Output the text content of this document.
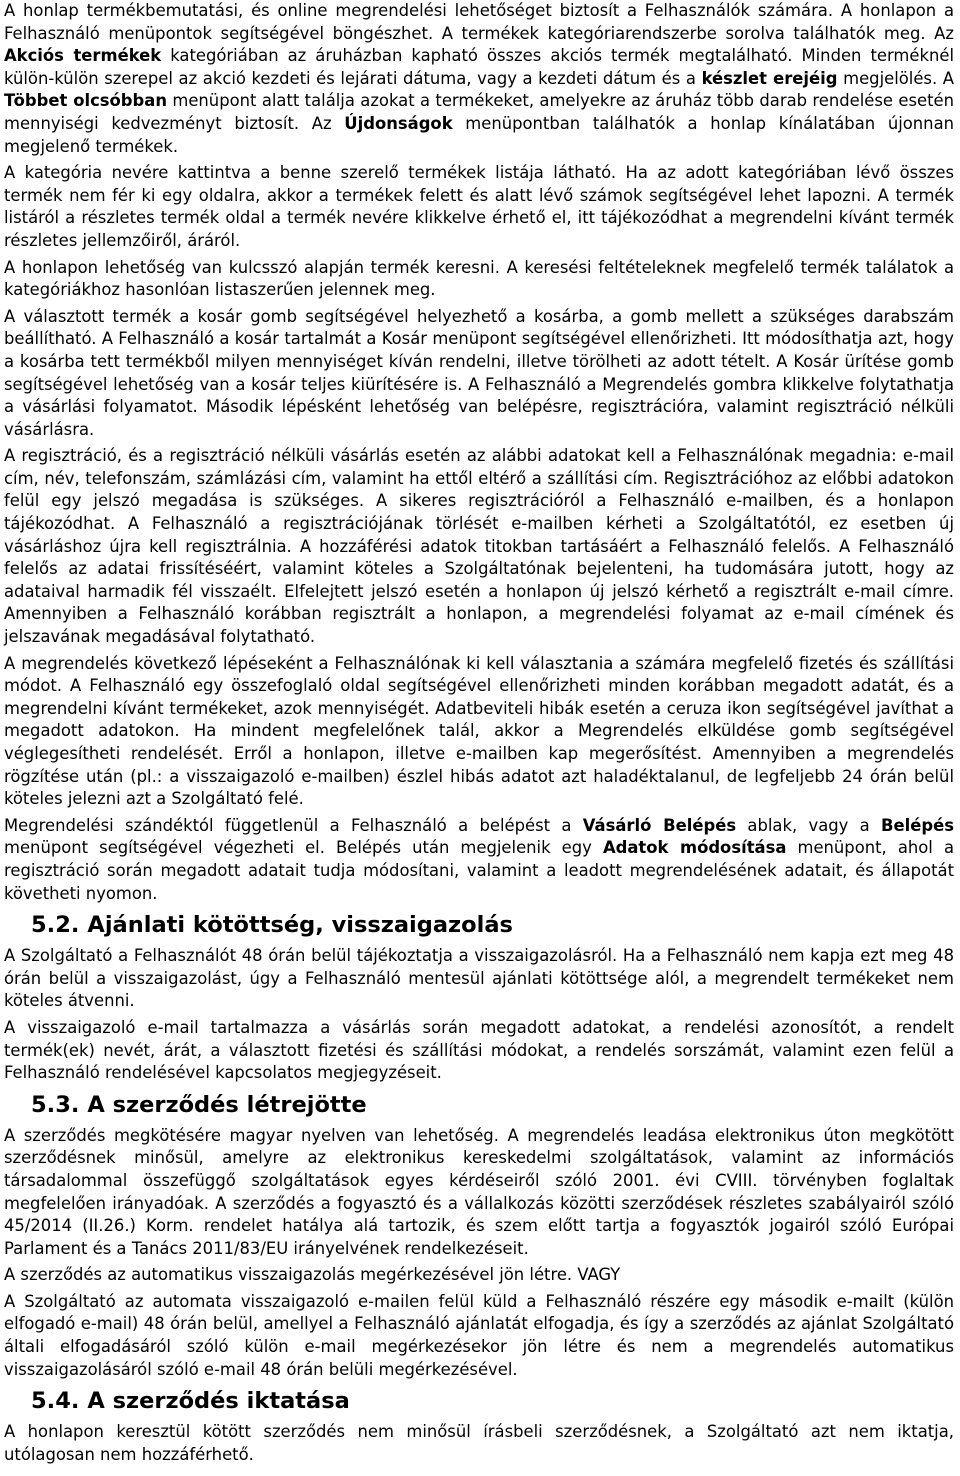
A honlap termékbemutatási, és online megrendelési lehetőséget biztosít a Felhasználók számára. A honlapon a Felhasználó menüpontok segítségével böngészhet. A termékek kategóriarendszerbe sorolva találhatók meg. Az Akciós termékek kategóriában az áruházban kapható összes akciós termék megtalálható. Minden terméknél külön-külön szerepel az akció kezdeti és lejárati dátuma, vagy a kezdeti dátum és a készlet erejéig megjelölés. A Többet olcsóbban menüpont alatt találja azokat a termékeket, amelyekre az áruház több darab rendelése esetén mennyiségi kedvezményt biztosít. Az Újdonságok menüpontban találhatók a honlap kínálatában újonnan megjelenő termékek.

A kategória nevére kattintva a benne szerelő termékek listája látható. Ha az adott kategóriában lévő összes termék nem fér ki egy oldalra, akkor a termékek felett és alatt lévő számok segítségével lehet lapozni. A termék listáról a részletes termék oldal a termék nevére klikkelve érhető el, itt tájékozódhat a megrendelni kívánt termék részletes jellemzőiről, áráról.

A honlapon lehetőség van kulcsszó alapján termék keresni. A keresési feltételeknek megfelelő termék találatok a kategóriákhoz hasonlóan listaszerűen jelennek meg.

A választott termék a kosár gomb segítségével helyezhető a kosárba, a gomb mellett a szükséges darabszám beállítható. A Felhasználó a kosár tartalmát a Kosár menüpont segítségével ellenőrizheti. Itt módosíthatja azt, hogy a kosárba tett termékből milyen mennyiséget kíván rendelni, illetve törölheti az adott tételt. A Kosár ürítése gomb segítségével lehetőség van a kosár teljes kiürítésére is. A Felhasználó a Megrendelés gombra klikkelve folytathatja a vásárlási folyamatot. Második lépésként lehetőség van belépésre, regisztrációra, valamint regisztráció nélküli vásárlásra.

A regisztráció, és a regisztráció nélküli vásárlás esetén az alábbi adatokat kell a Felhasználónak megadnia: e-mail cím, név, telefonszám, számlázási cím, valamint ha ettől eltérő a szállítási cím. Regisztrációhoz az előbbi adatokon felül egy jelszó megadása is szükséges. A sikeres regisztrációról a Felhasználó e-mailben, és a honlapon tájékozódhat. A Felhasználó a regisztrációjának törlését e-mailben kérheti a Szolgáltatótól, ez esetben új vásárláshoz újra kell regisztrálnia. A hozzáférési adatok titokban tartásáért a Felhasználó felelős. A Felhasználó felelős az adatai frissítéséért, valamint köteles a Szolgáltatónak bejelenteni, ha tudomására jutott, hogy az adataival harmadik fél visszaélt. Elfelejtett jelszó esetén a honlapon új jelszó kérhető a regisztrált e-mail címre. Amennyiben a Felhasználó korábban regisztrált a honlapon, a megrendelési folyamat az e-mail címének és jelszavának megadásával folytatható.

A megrendelés következő lépéseként a Felhasználónak ki kell választania a számára megfelelő fizetés és szállítási módot. A Felhasználó egy összefoglaló oldal segítségével ellenőrizheti minden korábban megadott adatát, és a megrendelni kívánt termékeket, azok mennyiségét. Adatbeviteli hibák esetén a ceruza ikon segítségével javíthat a megadott adatokon. Ha mindent megfelelőnek talál, akkor a Megrendelés elküldése gomb segítségével véglegesítheti rendelését. Erről a honlapon, illetve e-mailben kap megerősítést. Amennyiben a megrendelés rögzítése után (pl.: a visszaigazoló e-mailben) észlel hibás adatot azt haladéktalanul, de legfeljebb 24 órán belül köteles jelezni azt a Szolgáltató felé.

Megrendelési szándéktól függetlenül a Felhasználó a belépést a Vásárló Belépés ablak, vagy a Belépés menüpont segítségével végezheti el. Belépés után megjelenik egy Adatok módosítása menüpont, ahol a regisztráció során megadott adatait tudja módosítani, valamint a leadott megrendelésének adatait, és állapotát követheti nyomon.

5.2. Ajánlati kötöttség, visszaigazolás

A Szolgáltató a Felhasználót 48 órán belül tájékoztatja a visszaigazolásról. Ha a Felhasználó nem kapja ezt meg 48 órán belül a visszaigazolást, úgy a Felhasználó mentesül ajánlati kötöttsége alól, a megrendelt termékeket nem köteles átvenni.

A visszaigazoló e-mail tartalmazza a vásárlás során megadott adatokat, a rendelési azonosítót, a rendelt termék(ek) nevét, árát, a választott fizetési és szállítási módokat, a rendelés sorszámát, valamint ezen felül a Felhasználó rendelésével kapcsolatos megjegyzéseit.

5.3. A szerződés létrejötte

A szerződés megkötésére magyar nyelven van lehetőség. A megrendelés leadása elektronikus úton megkötött szerződésnek minősül, amelyre az elektronikus kereskedelmi szolgáltatások, valamint az információs társadalommal összefüggő szolgáltatások egyes kérdéseiről szóló 2001. évi CVIII. törvényben foglaltak megfelelően irányadóak. A szerződés a fogyasztó és a vállalkozás közötti szerződések részletes szabályairól szóló 45/2014 (II.26.) Korm. rendelet hatálya alá tartozik, és szem előtt tartja a fogyasztók jogairól szóló Európai Parlament és a Tanács 2011/83/EU irányelvének rendelkezéseit.

A szerződés az automatikus visszaigazolás megérkezésével jön létre. VAGY

A Szolgáltató az automata visszaigazoló e-mailen felül küld a Felhasználó részére egy második e-mailt (külön elfogadó e-mail) 48 órán belül, amellyel a Felhasználó ajánlatát elfogadja, és így a szerződés az ajánlat Szolgáltató általi elfogadásáról szóló külön e-mail megérkezésekor jön létre és nem a megrendelés automatikus visszaigazolásáról szóló e-mail 48 órán belüli megérkezésével.

5.4. A szerződés iktatása

A honlapon keresztül kötött szerződés nem minősül írásbeli szerződésnek, a Szolgáltató azt nem iktatja, utólagosan nem hozzáférhető.
